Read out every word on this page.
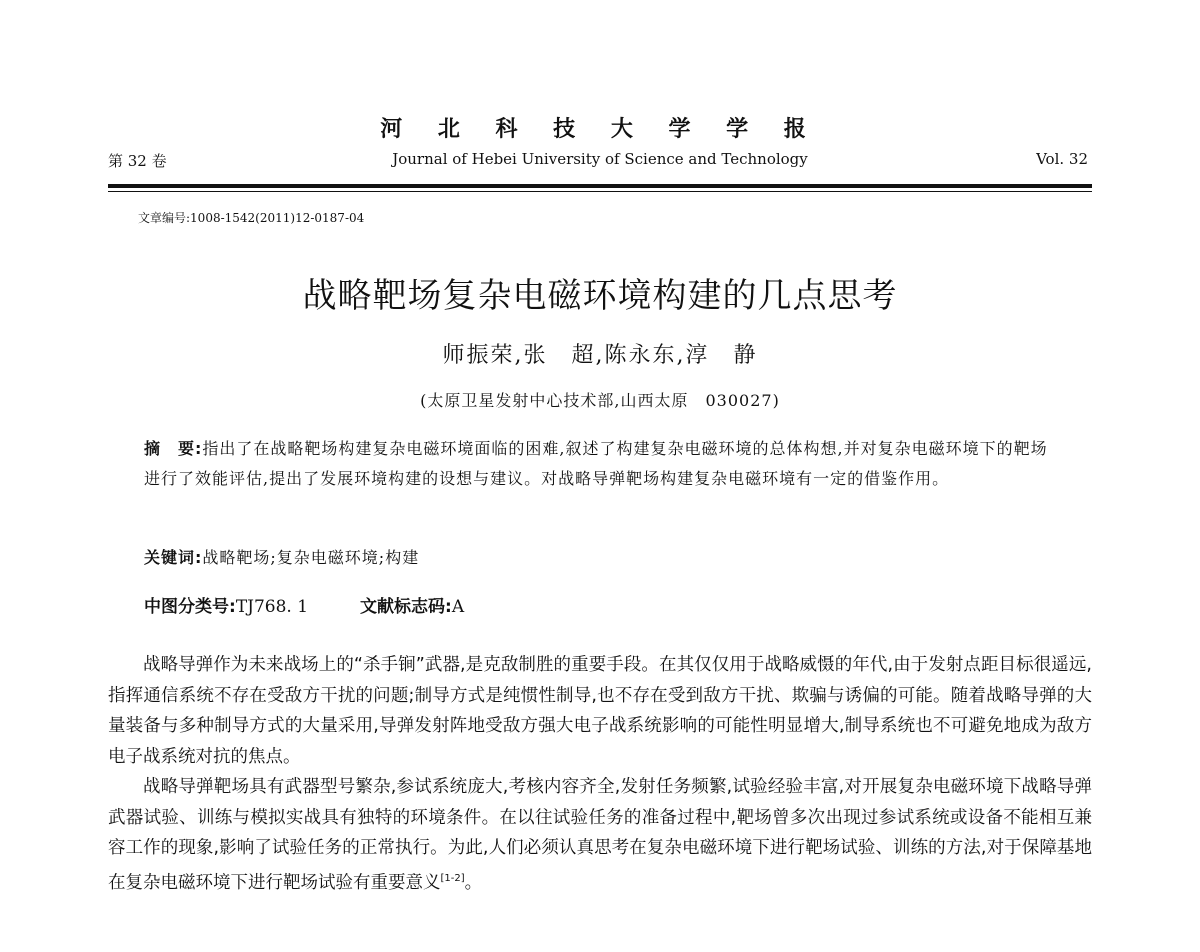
河 北 科 技 大 学 学 报
第 32 卷	Journal of Hebei University of Science and Technology	Vol. 32
文章编号:1008-1542(2011)12-0187-04
战略靶场复杂电磁环境构建的几点思考
师振荣,张　超,陈永东,淳　静
(太原卫星发射中心技术部,山西太原　030027)
摘　要:指出了在战略靶场构建复杂电磁环境面临的困难,叙述了构建复杂电磁环境的总体构想,并对复杂电磁环境下的靶场进行了效能评估,提出了发展环境构建的设想与建议。对战略导弹靶场构建复杂电磁环境有一定的借鉴作用。
关键词:战略靶场;复杂电磁环境;构建
中图分类号:TJ768. 1	文献标志码:A

战略导弹作为未来战场上的“杀手锏”武器,是克敌制胜的重要手段。在其仅仅用于战略威慑的年代,由于发射点距目标很遥远,指挥通信系统不存在受敌方干扰的问题;制导方式是纯惯性制导,也不存在受到敌方干扰、欺骗与诱偏的可能。随着战略导弹的大量装备与多种制导方式的大量采用,导弹发射阵地受敌方强大电子战系统影响的可能性明显增大,制导系统也不可避免地成为敌方电子战系统对抗的焦点。

战略导弹靶场具有武器型号繁杂,参试系统庞大,考核内容齐全,发射任务频繁,试验经验丰富,对开展复杂电磁环境下战略导弹武器试验、训练与模拟实战具有独特的环境条件。在以往试验任务的准备过程中,靶场曾多次出现过参试系统或设备不能相互兼容工作的现象,影响了试验任务的正常执行。为此,人们必须认真思考在复杂电磁环境下进行靶场试验、训练的方法,对于保障基地在复杂电磁环境下进行靶场试验有重要意义[1-2]。
